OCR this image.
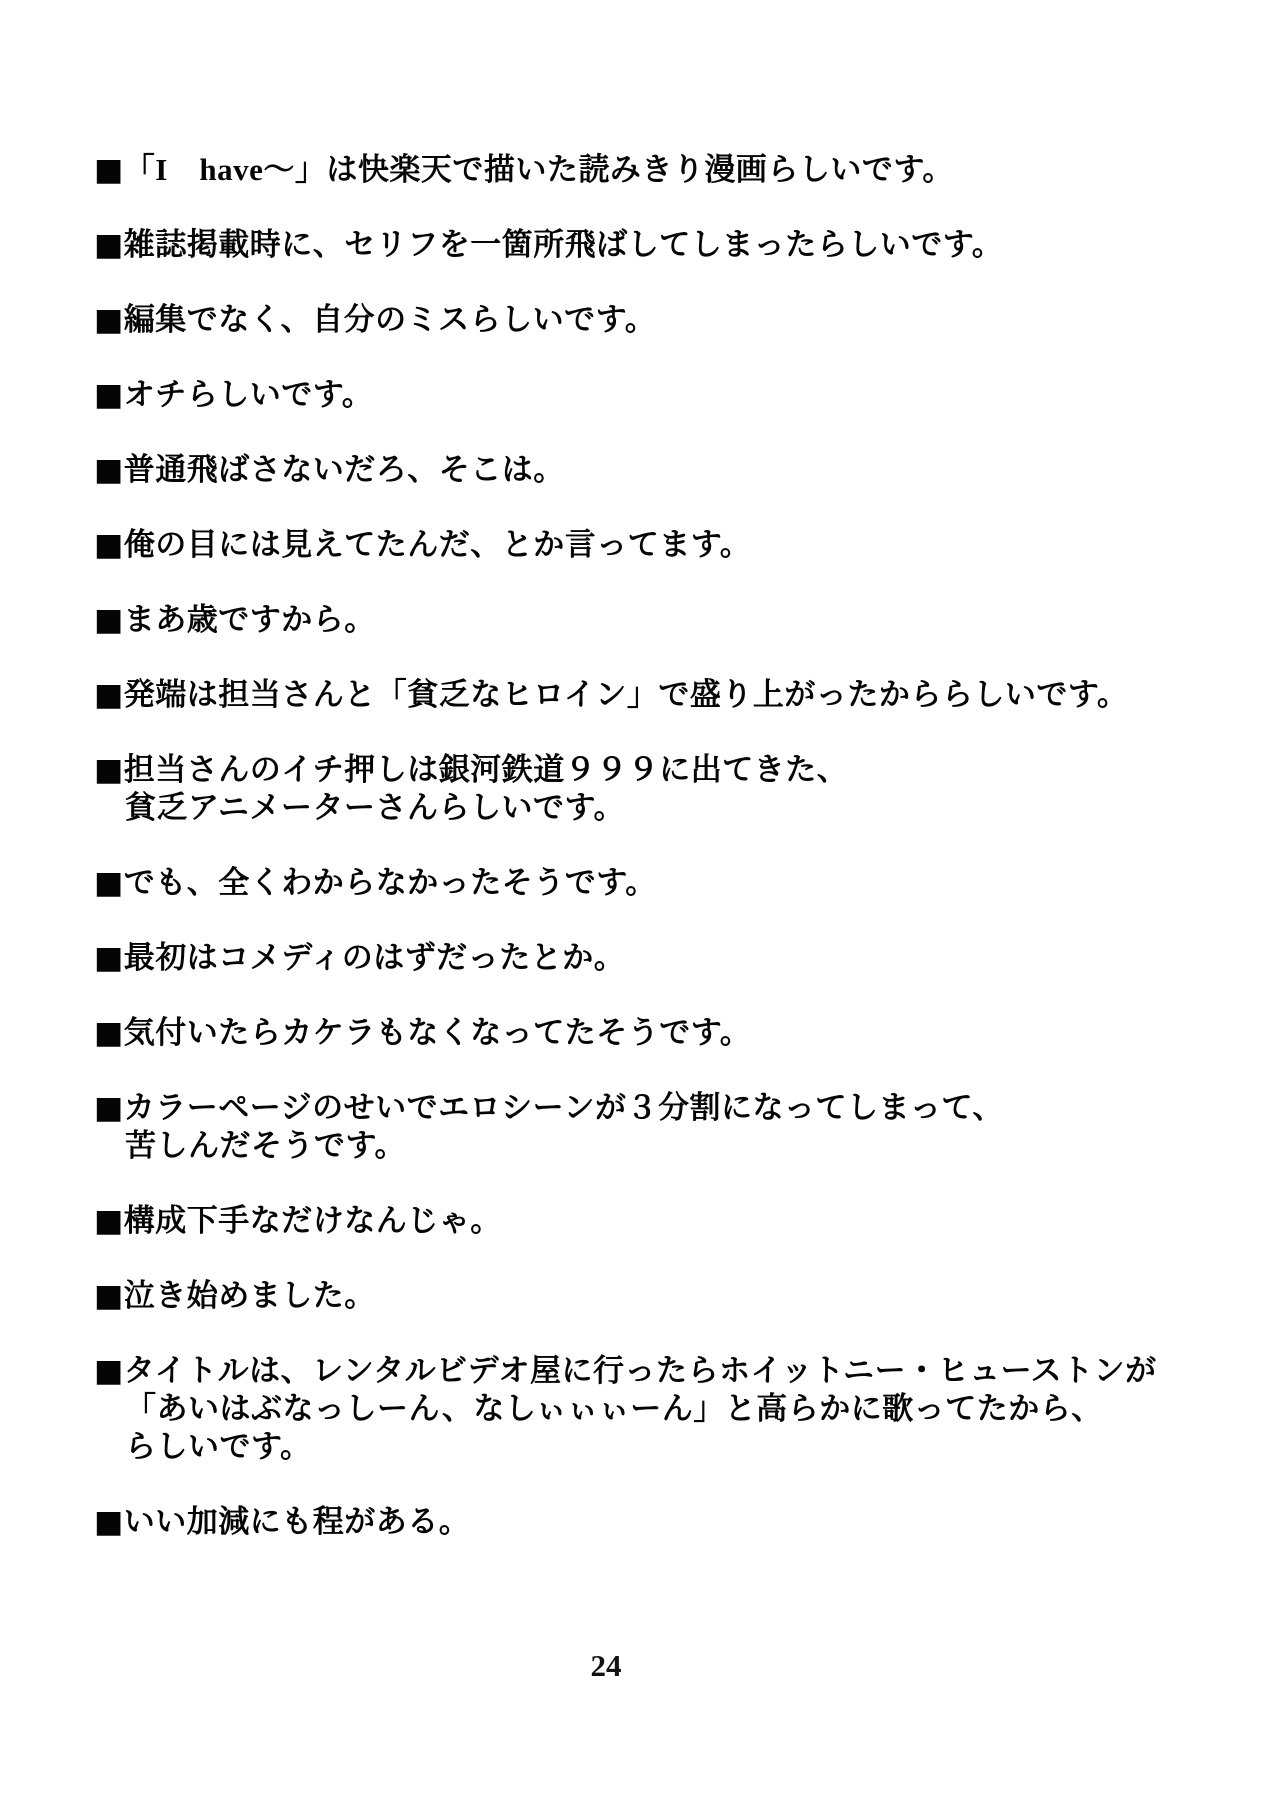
■「I　have～」は快楽天で描いた読みきり漫画らしいです。

■雑誌掲載時に、セリフを一箇所飛ばしてしまったらしいです。

■編集でなく、自分のミスらしいです。

■オチらしいです。

■普通飛ばさないだろ、そこは。

■俺の目には見えてたんだ、とか言ってます。

■まあ歳ですから。

■発端は担当さんと「貧乏なヒロイン」で盛り上がったかららしいです。

■担当さんのイチ押しは銀河鉄道９９９に出てきた、
貧乏アニメーターさんらしいです。

■でも、全くわからなかったそうです。

■最初はコメディのはずだったとか。

■気付いたらカケラもなくなってたそうです。

■カラーページのせいでエロシーンが３分割になってしまって、
苦しんだそうです。

■構成下手なだけなんじゃ。

■泣き始めました。

■タイトルは、レンタルビデオ屋に行ったらホイットニー・ヒューストンが
「あいはぶなっしーん、なしぃぃぃーん」と高らかに歌ってたから、
らしいです。

■いい加減にも程がある。

24
